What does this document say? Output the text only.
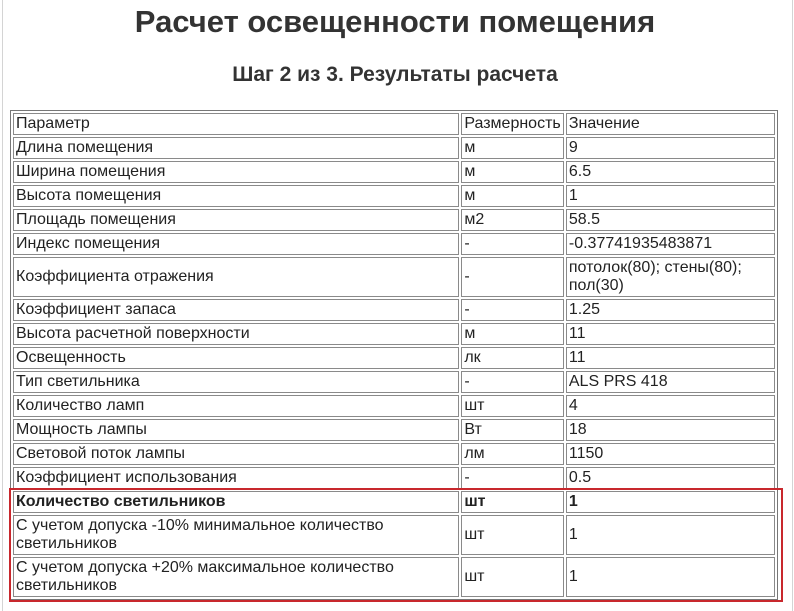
Расчет освещенности помещения
Шаг 2 из 3. Результаты расчета
Параметр	Размерность	Значение
Длина помещения	м	9
Ширина помещения	м	6.5
Высота помещения	м	1
Площадь помещения	м2	58.5
Индекс помещения	-	-0.37741935483871
Коэффициента отражения	-	потолок(80); стены(80); пол(30)
Коэффициент запаса	-	1.25
Высота расчетной поверхности	м	11
Освещенность	лк	11
Тип светильника	-	ALS PRS 418
Количество ламп	шт	4
Мощность лампы	Вт	18
Световой поток лампы	лм	1150
Коэффициент использования	-	0.5
Количество светильников	шт	1
С учетом допуска -10% минимальное количество светильников	шт	1
С учетом допуска +20% максимальное количество светильников	шт	1
